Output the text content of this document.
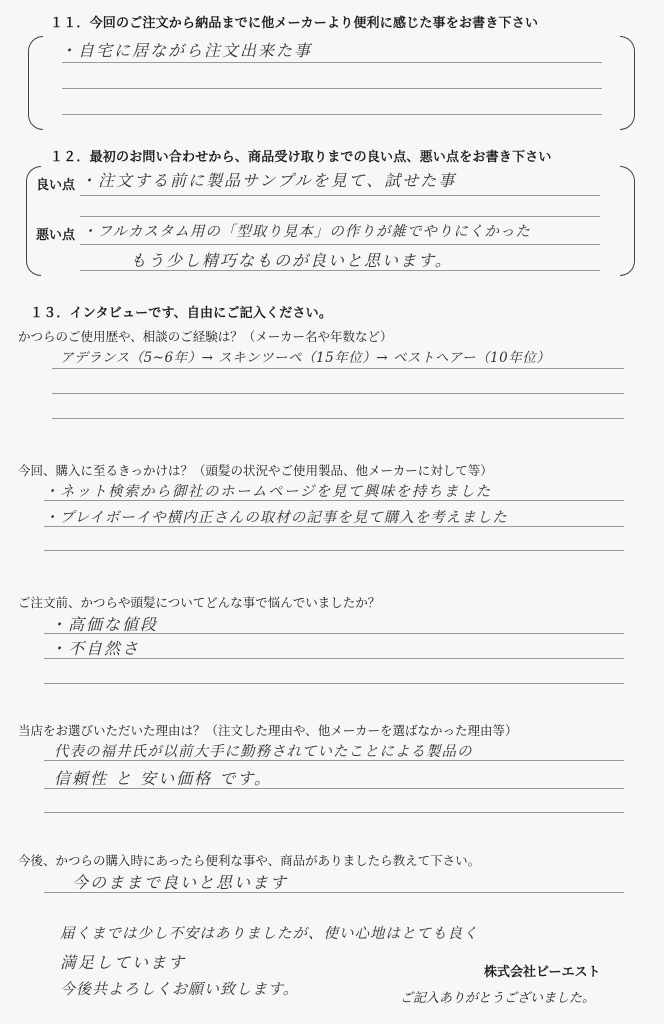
１１．今回のご注文から納品までに他メーカーより便利に感じた事をお書き下さい
・自宅に居ながら注文出来た事
１２．最初のお問い合わせから、商品受け取りまでの良い点、悪い点をお書き下さい
良い点 ・注文する前に製品サンプルを見て、試せた事
悪い点 ・フルカスタム用の「型取り見本」の作りが雑でやりにくかった
もう少し精巧なものが良いと思います。
１３．インタビューです、自由にご記入ください。
かつらのご使用歴や、相談のご経験は？（メーカー名や年数など）
アデランス（5~6年）→ スキンツーペ（15年位）→ ベストヘアー（10年位）
今回、購入に至るきっかけは？（頭髪の状況やご使用製品、他メーカーに対して等）
・ネット検索から御社のホームページを見て興味を持ちました
・プレイボーイや横内正さんの取材の記事を見て購入を考えました
ご注文前、かつらや頭髪についてどんな事で悩んでいましたか？
・高価な値段
・不自然さ
当店をお選びいただいた理由は？（注文した理由や、他メーカーを選ばなかった理由等）
代表の福井氏が以前大手に勤務されていたことによる製品の
信頼性 と 安い価格 です。
今後、かつらの購入時にあったら便利な事や、商品がありましたら教えて下さい。
今のままで良いと思います
届くまでは少し不安はありましたが、使い心地はとても良く
満足しています
今後共よろしくお願い致します。
株式会社ビーエスト
ご記入ありがとうございました。
